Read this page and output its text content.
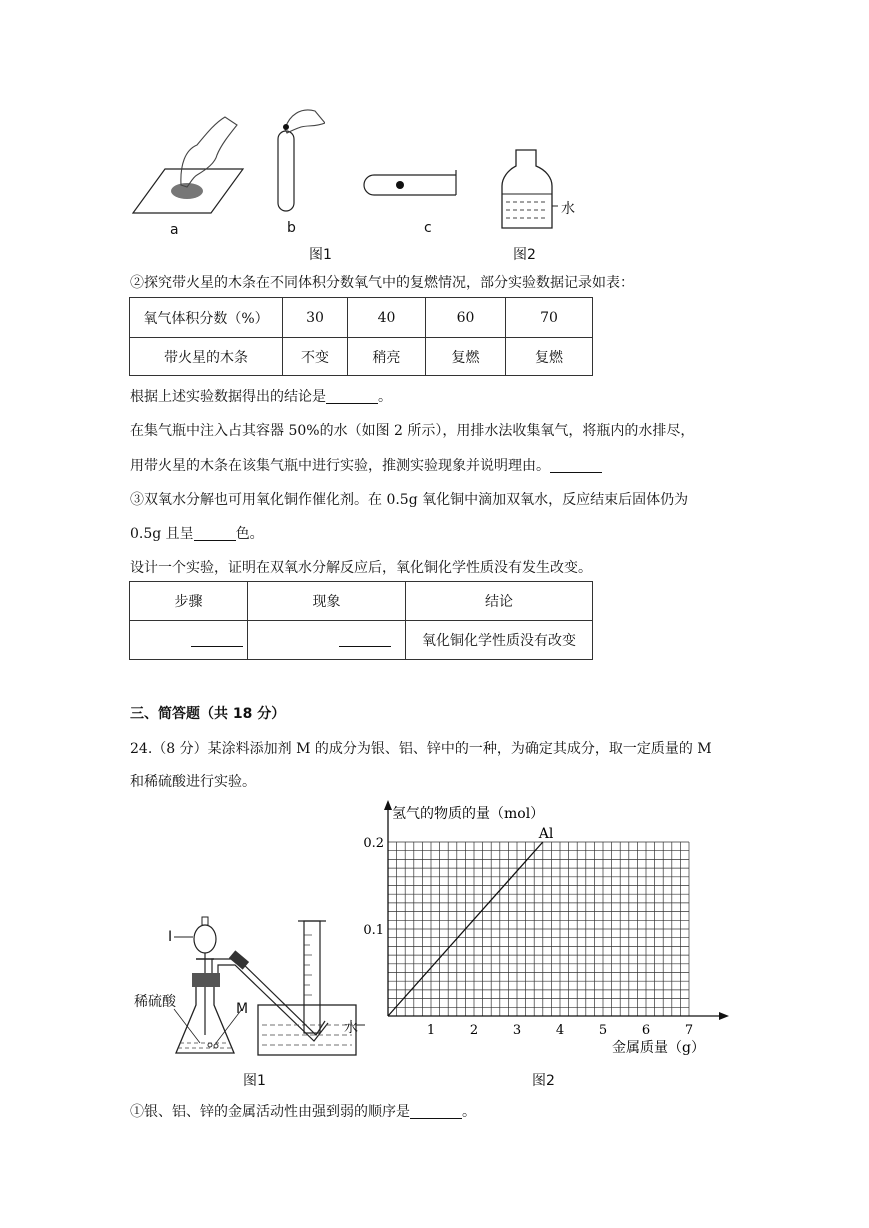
a	b	c
图1
水
图2
②探究带火星的木条在不同体积分数氧气中的复燃情况，部分实验数据记录如表：
氧气体积分数（%）	30	40	60	70
带火星的木条	不变	稍亮	复燃	复燃
根据上述实验数据得出的结论是	。
在集气瓶中注入占其容器 50%的水（如图 2 所示），用排水法收集氧气，将瓶内的水排尽，
用带火星的木条在该集气瓶中进行实验，推测实验现象并说明理由。
③双氧水分解也可用氧化铜作催化剂。在 0.5g 氧化铜中滴加双氧水，反应结束后固体仍为
0.5g 且呈	色。
设计一个实验，证明在双氧水分解反应后，氧化铜化学性质没有发生改变。
步骤	现象	结论
		氧化铜化学性质没有改变
三、简答题（共 18 分）
24.（8 分）某涂料添加剂 M 的成分为银、铝、锌中的一种，为确定其成分，取一定质量的 M
和稀硫酸进行实验。
I
稀硫酸	M
水
图1
氢气的物质的量（mol）
金属质量（g）
1	2	3	4	5	6	7
0.1
0.2
Al
图2
①银、铝、锌的金属活动性由强到弱的顺序是	。
